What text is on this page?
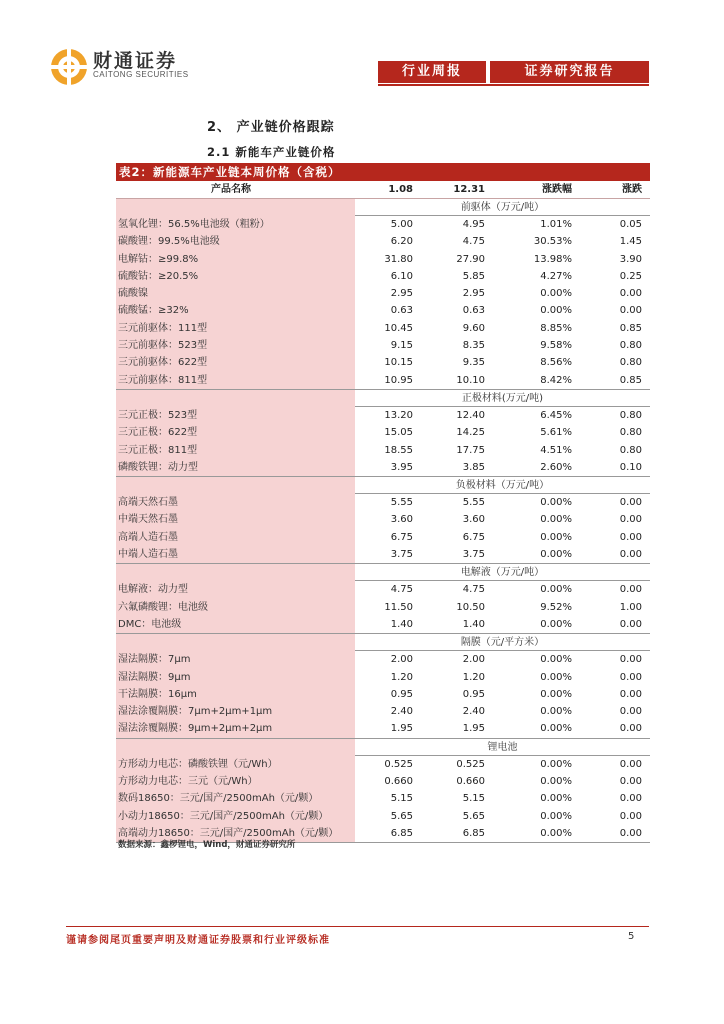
财通证券
CAITONG SECURITIES	行业周报	证券研究报告
2、 产业链价格跟踪
2.1 新能车产业链价格
表2：新能源车产业链本周价格（含税）
产品名称	1.08	12.31	涨跌幅	涨跌
前驱体（万元/吨）
氢氧化锂：56.5%电池级（粗粉）	5.00	4.95	1.01%	0.05
碳酸锂：99.5%电池级	6.20	4.75	30.53%	1.45
电解钴：≥99.8%	31.80	27.90	13.98%	3.90
硫酸钴：≥20.5%	6.10	5.85	4.27%	0.25
硫酸镍	2.95	2.95	0.00%	0.00
硫酸锰：≥32%	0.63	0.63	0.00%	0.00
三元前驱体：111型	10.45	9.60	8.85%	0.85
三元前驱体：523型	9.15	8.35	9.58%	0.80
三元前驱体：622型	10.15	9.35	8.56%	0.80
三元前驱体：811型	10.95	10.10	8.42%	0.85
正极材料(万元/吨)
三元正极：523型	13.20	12.40	6.45%	0.80
三元正极：622型	15.05	14.25	5.61%	0.80
三元正极：811型	18.55	17.75	4.51%	0.80
磷酸铁锂：动力型	3.95	3.85	2.60%	0.10
负极材料（万元/吨）
高端天然石墨	5.55	5.55	0.00%	0.00
中端天然石墨	3.60	3.60	0.00%	0.00
高端人造石墨	6.75	6.75	0.00%	0.00
中端人造石墨	3.75	3.75	0.00%	0.00
电解液（万元/吨）
电解液：动力型	4.75	4.75	0.00%	0.00
六氟磷酸锂：电池级	11.50	10.50	9.52%	1.00
DMC：电池级	1.40	1.40	0.00%	0.00
隔膜（元/平方米）
湿法隔膜：7μm	2.00	2.00	0.00%	0.00
湿法隔膜：9μm	1.20	1.20	0.00%	0.00
干法隔膜：16μm	0.95	0.95	0.00%	0.00
湿法涂覆隔膜：7μm+2μm+1μm	2.40	2.40	0.00%	0.00
湿法涂覆隔膜：9μm+2μm+2μm	1.95	1.95	0.00%	0.00
锂电池
方形动力电芯：磷酸铁锂（元/Wh）	0.525	0.525	0.00%	0.00
方形动力电芯：三元（元/Wh）	0.660	0.660	0.00%	0.00
数码18650：三元/国产/2500mAh（元/颗）	5.15	5.15	0.00%	0.00
小动力18650：三元/国产/2500mAh（元/颗）	5.65	5.65	0.00%	0.00
高端动力18650：三元/国产/2500mAh（元/颗）	6.85	6.85	0.00%	0.00
数据来源：鑫椤锂电，Wind，财通证券研究所
谨请参阅尾页重要声明及财通证券股票和行业评级标准	5
